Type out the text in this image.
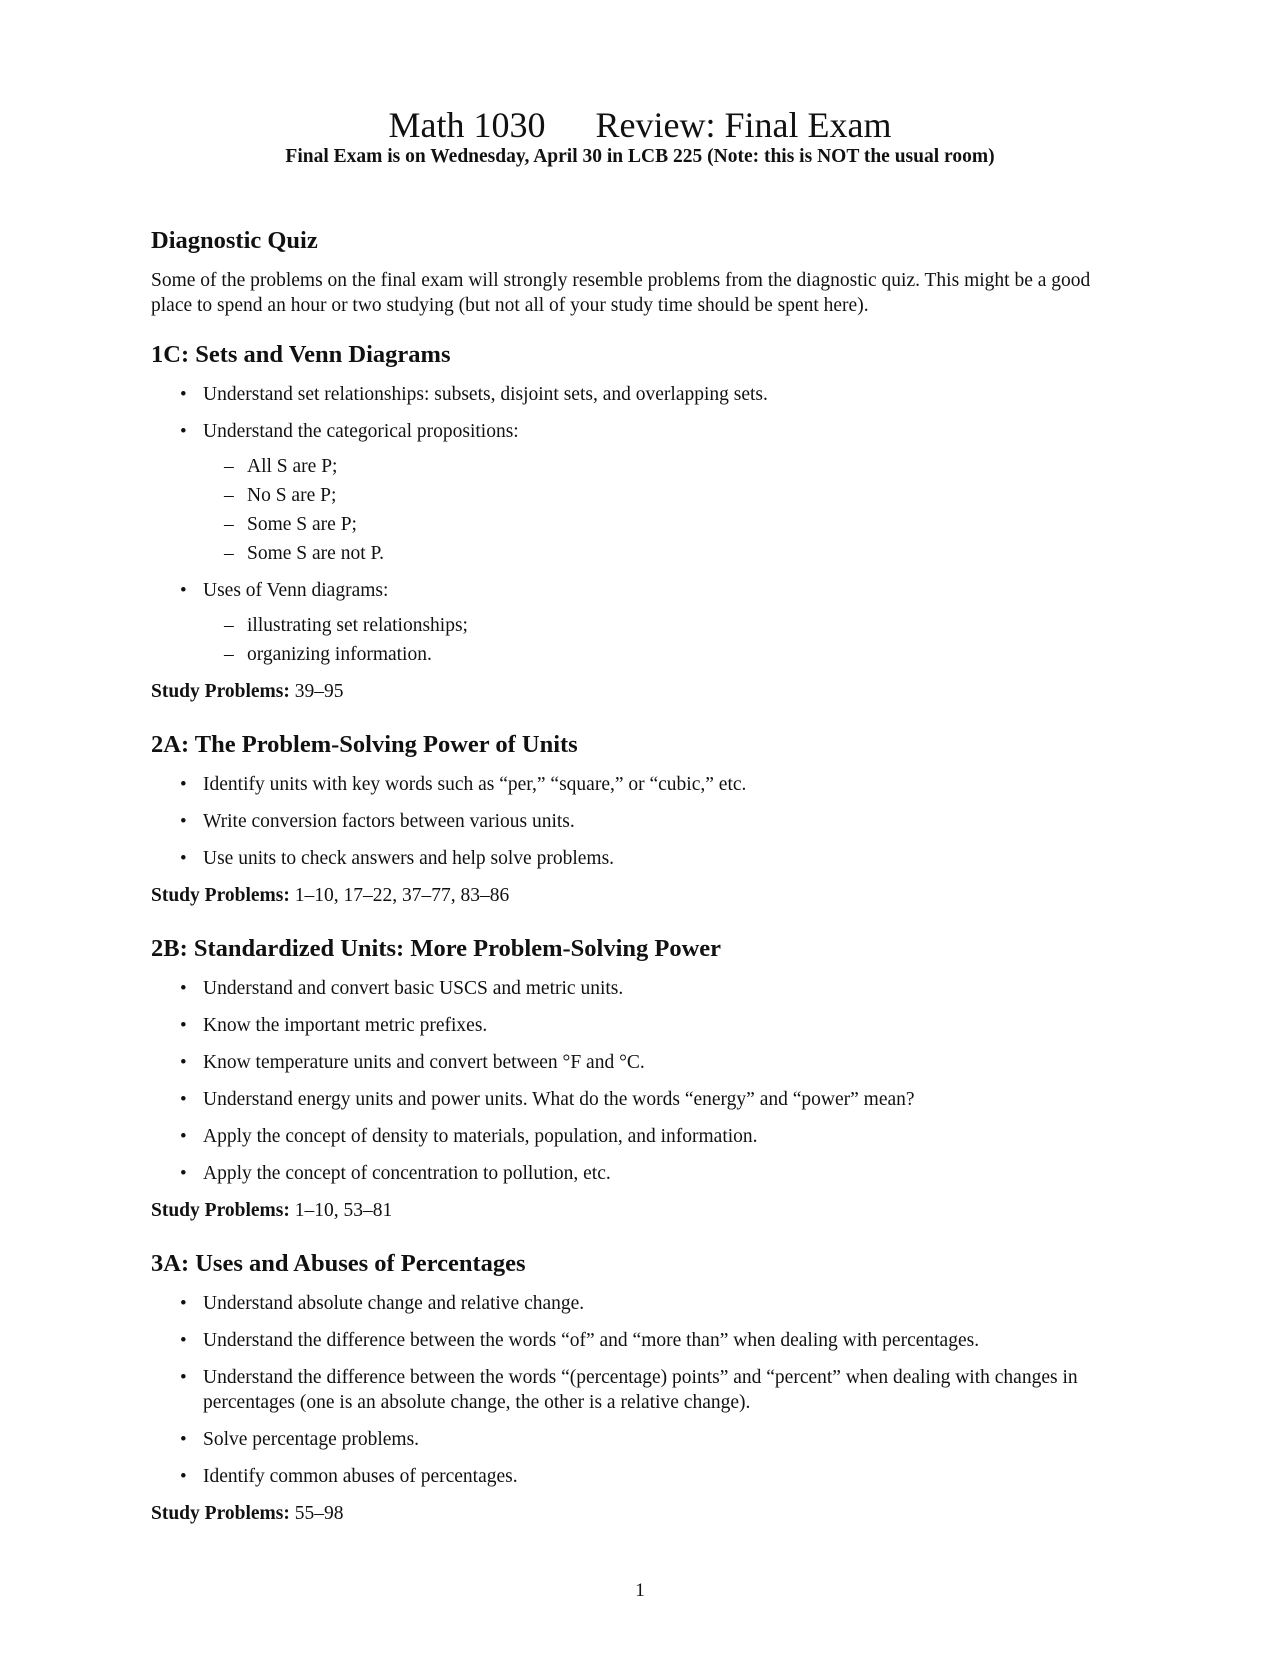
Math 1030 Review: Final Exam
Final Exam is on Wednesday, April 30 in LCB 225 (Note: this is NOT the usual room)
Diagnostic Quiz

Some of the problems on the final exam will strongly resemble problems from the diagnostic quiz. This might be a good place to spend an hour or two studying (but not all of your study time should be spent here).

1C: Sets and Venn Diagrams
• Understand set relationships: subsets, disjoint sets, and overlapping sets.
• Understand the categorical propositions:
– All S are P;
– No S are P;
– Some S are P;
– Some S are not P.
• Uses of Venn diagrams:
– illustrating set relationships;
– organizing information.
Study Problems: 39–95
2A: The Problem-Solving Power of Units
• Identify units with key words such as “per,” “square,” or “cubic,” etc.
• Write conversion factors between various units.
• Use units to check answers and help solve problems.
Study Problems: 1–10, 17–22, 37–77, 83–86
2B: Standardized Units: More Problem-Solving Power
• Understand and convert basic USCS and metric units.
• Know the important metric prefixes.
• Know temperature units and convert between °F and °C.
• Understand energy units and power units. What do the words “energy” and “power” mean?
• Apply the concept of density to materials, population, and information.
• Apply the concept of concentration to pollution, etc.
Study Problems: 1–10, 53–81
3A: Uses and Abuses of Percentages
• Understand absolute change and relative change.
• Understand the difference between the words “of” and “more than” when dealing with percentages.
• Understand the difference between the words “(percentage) points” and “percent” when dealing with changes in percentages (one is an absolute change, the other is a relative change).
• Solve percentage problems.
• Identify common abuses of percentages.
Study Problems: 55–98
1
